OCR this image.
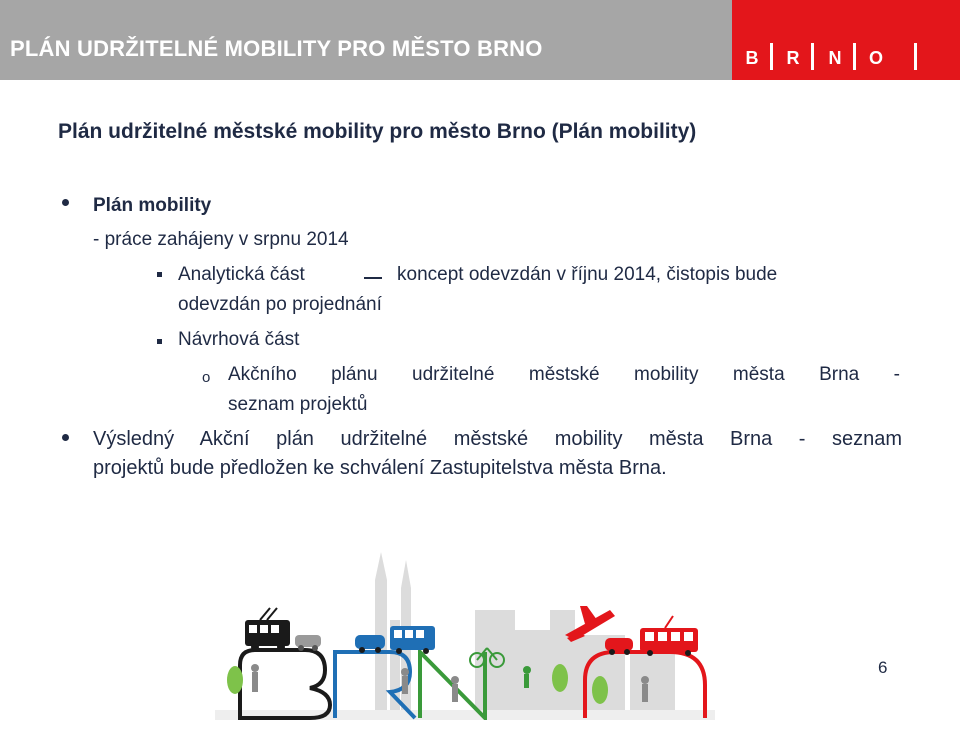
PLÁN UDRŽITELNÉ MOBILITY PRO MĚSTO BRNO	B R N O
Plán udržitelné městské mobility pro město Brno (Plán mobility)
Plán mobility
- práce zahájeny v srpnu 2014
Analytická část	koncept odevzdán v říjnu 2014, čistopis bude
odevzdán po projednání
Návrhová část
o Akčního plánu udržitelné městské mobility města Brna -
seznam projektů
Výsledný Akční plán udržitelné městské mobility města Brna - seznam
projektů bude předložen ke schválení Zastupitelstva města Brna.
6
